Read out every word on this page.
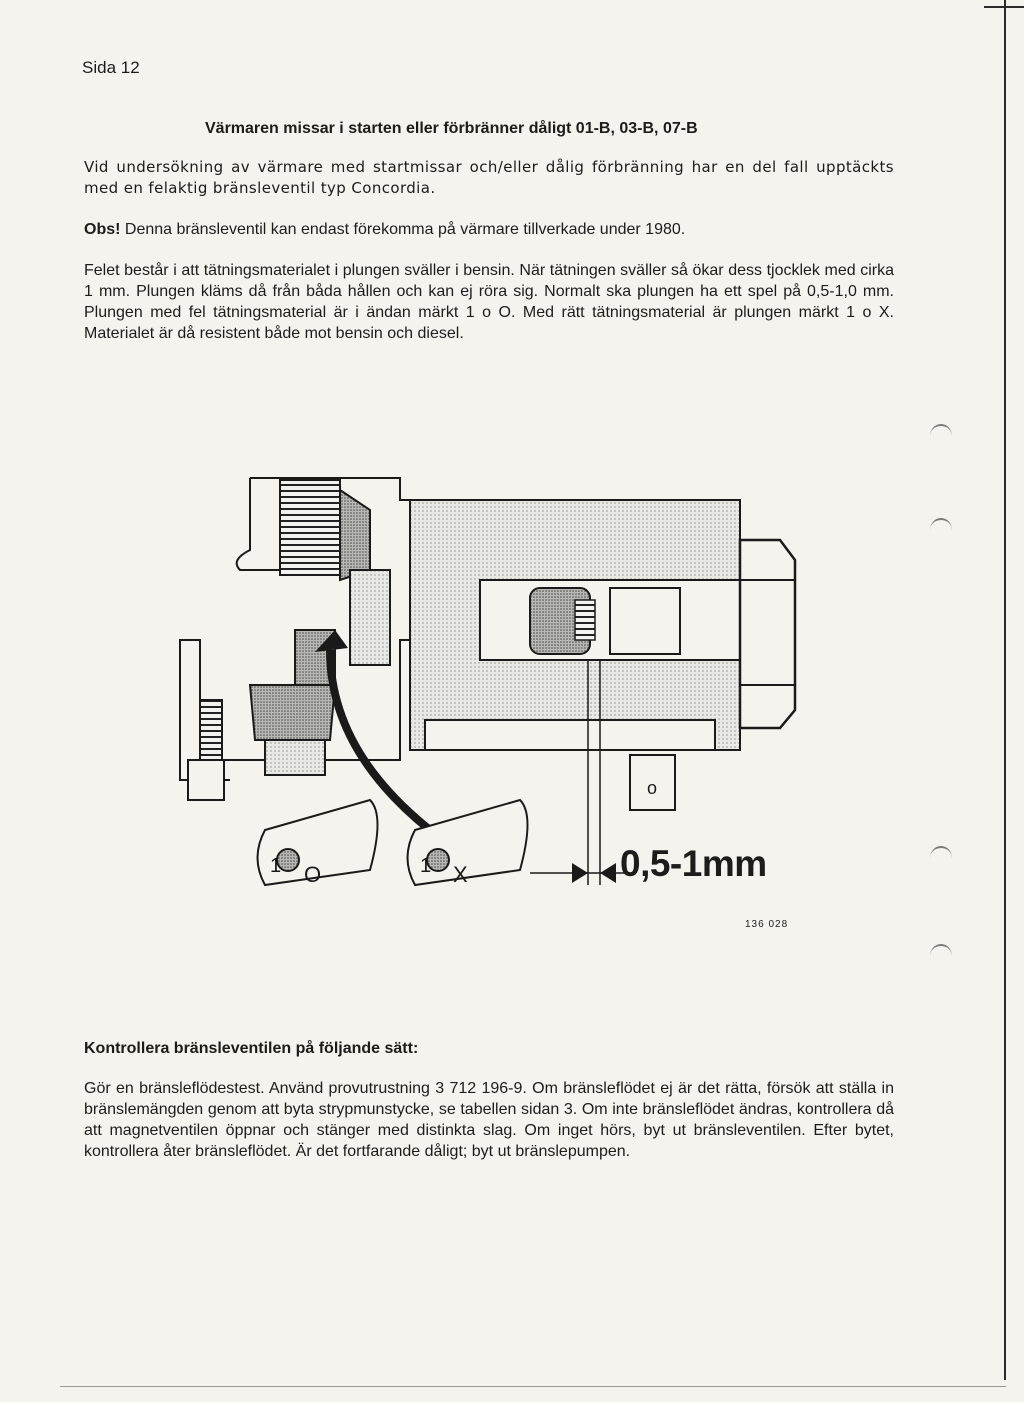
Sida 12
Värmaren missar i starten eller förbränner dåligt 01-B, 03-B, 07-B

Vid undersökning av värmare med startmissar och/eller dålig förbränning har en del fall upptäckts med en felaktig bränsleventil typ Concordia.

Obs! Denna bränsleventil kan endast förekomma på värmare tillverkade under 1980.

Felet består i att tätningsmaterialet i plungen sväller i bensin. När tätningen sväller så ökar dess tjocklek med cirka 1 mm. Plungen kläms då från båda hållen och kan ej röra sig. Normalt ska plungen ha ett spel på 0,5-1,0 mm. Plungen med fel tätningsmaterial är i ändan märkt 1 o O. Med rätt tätningsmaterial är plungen märkt 1 o X. Materialet är då resistent både mot bensin och diesel.

o
1 O	1 X	0,5-1mm
136 028
Kontrollera bränsleventilen på följande sätt:

Gör en bränsleflödestest. Använd provutrustning 3 712 196-9. Om bränsleflödet ej är det rätta, försök att ställa in bränslemängden genom att byta strypmunstycke, se tabellen sidan 3. Om inte bränsleflödet ändras, kontrollera då att magnetventilen öppnar och stänger med distinkta slag. Om inget hörs, byt ut bränsleventilen. Efter bytet, kontrollera åter bränsleflödet. Är det fortfarande dåligt; byt ut bränslepumpen.
